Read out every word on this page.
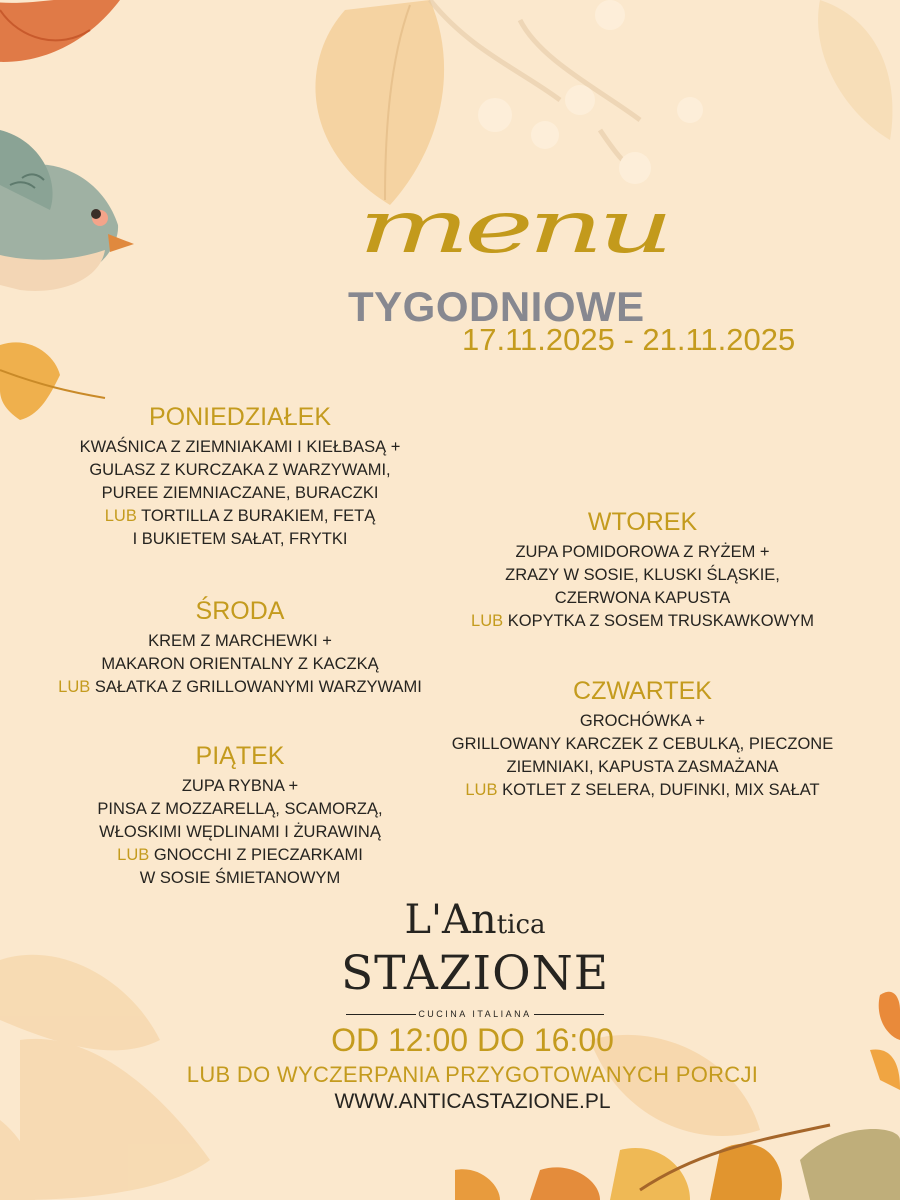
menu
TYGODNIOWE
17.11.2025 - 21.11.2025
PONIEDZIAŁEK
KWAŚNICA Z ZIEMNIAKAMI I KIEŁBASĄ +
GULASZ Z KURCZAKA Z WARZYWAMI,
PUREE ZIEMNIACZANE, BURACZKI
LUB TORTILLA Z BURAKIEM, FETĄ
I BUKIETEM SAŁAT, FRYTKI
WTOREK
ZUPA POMIDOROWA Z RYŻEM +
ZRAZY W SOSIE, KLUSKI ŚLĄSKIE,
CZERWONA KAPUSTA
LUB KOPYTKA Z SOSEM TRUSKAWKOWYM
ŚRODA
KREM Z MARCHEWKI +
MAKARON ORIENTALNY Z KACZKĄ
LUB SAŁATKA Z GRILLOWANYMI WARZYWAMI	CZWARTEK
GROCHÓWKA +
GRILLOWANY KARCZEK Z CEBULKĄ, PIECZONE
ZIEMNIAKI, KAPUSTA ZASMAŻANA
LUB KOTLET Z SELERA, DUFINKI, MIX SAŁAT
PIĄTEK
ZUPA RYBNA +
PINSA Z MOZZARELLĄ, SCAMORZĄ,
WŁOSKIMI WĘDLINAMI I ŻURAWINĄ
LUB GNOCCHI Z PIECZARKAMI
W SOSIE ŚMIETANOWYM
L'Antica
STAZIONE
CUCINA ITALIANA
OD 12:00 DO 16:00
LUB DO WYCZERPANIA PRZYGOTOWANYCH PORCJI
WWW.ANTICASTAZIONE.PL
